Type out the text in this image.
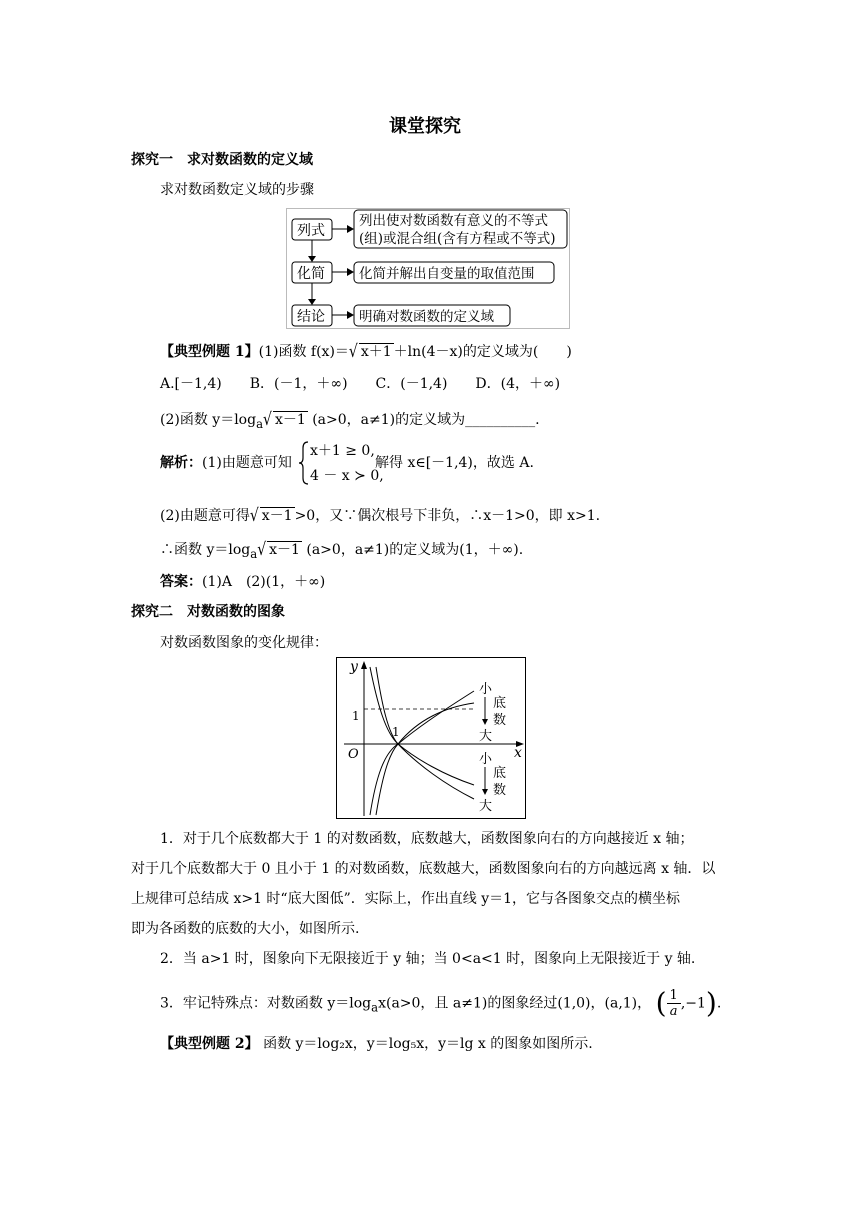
课堂探究
探究一　求对数函数的定义域
求对数函数定义域的步骤
列式
化简
结论
列出使对数函数有意义的不等式
(组)或混合组(含有方程或不等式)
化简并解出自变量的取值范围
明确对数函数的定义域
【典型例题 1】(1)函数 f(x)＝√ x＋1 ＋ln(4－x)的定义域为(　　)
A.[－1,4)　　B．(－1，＋∞)　　C．(－1,4)　　D．(4，＋∞)
(2)函数 $y=\log_a√$ x－1 (a>0，a≠1)的定义域为__________.
解析：(1)由题意可知
x＋1 ≥ 0,
4 － x ≻ 0,
解得 x∈[－1,4)，故选 A.
(2)由题意可得√ x－1 >0，又∵偶次根号下非负，∴x－1>0，即 x>1.
∴函数 $y=\log_a√$ x－1 (a>0，a≠1)的定义域为(1，＋∞).
答案：(1)A　(2)(1，＋∞)
探究二　对数函数的图象
对数函数图象的变化规律：
y
x
O
1
1
小
底
数
大
小
底
数
大
1．对于几个底数都大于 1 的对数函数，底数越大，函数图象向右的方向越接近 x 轴；
对于几个底数都大于 0 且小于 1 的对数函数，底数越大，函数图象向右的方向越远离 x 轴．以
上规律可总结成 x>1 时“底大图低”．实际上，作出直线 y＝1，它与各图象交点的横坐标
即为各函数的底数的大小，如图所示.
2．当 a>1 时，图象向下无限接近于 y 轴；当 0<a<1 时，图象向上无限接近于 y 轴.
3．牢记特殊点：对数函数 $y=\log_ax(a>0$，且 a≠1)的图象经过(1,0)，(a,1)， ( $\frac{1}{a} ,-1$).
【典型例题 2】 函数 y＝log₂x，y＝log₅x，y＝lg x 的图象如图所示.
